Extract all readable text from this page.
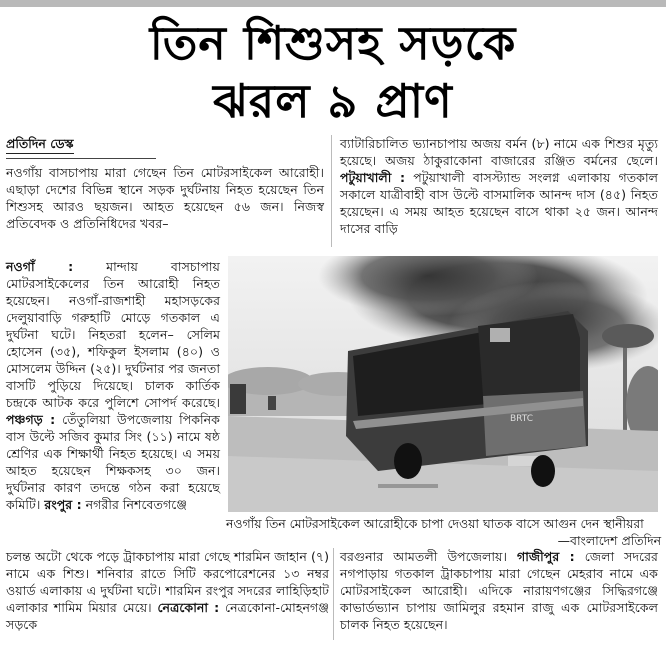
তিন শিশুসহ সড়কে
ঝরল ৯ প্রাণ
প্রতিদিন ডেস্ক

নওগাঁয় বাসচাপায় মারা গেছেন তিন মোটরসাইকেল আরোহী। এছাড়া দেশের বিভিন্ন স্থানে সড়ক দুর্ঘটনায় নিহত হয়েছেন তিন শিশুসহ আরও ছয়জন। আহত হয়েছেন ৫৬ জন। নিজস্ব প্রতিবেদক ও প্রতিনিধিদের খবর–

নওগাঁ :	মান্দায় বাসচাপায় মোটরসাইকেলের তিন আরোহী নিহত হয়েছেন। নওগাঁ-রাজশাহী মহাসড়কের দেলুয়াবাড়ি গরুহাটি মোড়ে গতকাল এ দুর্ঘটনা ঘটে। নিহতরা হলেন– সেলিম হোসেন (৩৫), শফিকুল ইসলাম (৪০) ও মোসলেম উদ্দিন (২৫)। দুর্ঘটনার পর জনতা বাসটি পুড়িয়ে দিয়েছে। চালক কার্তিক চন্দ্রকে আটক করে পুলিশে সোপর্দ করেছে। পঞ্চগড় : তেঁতুলিয়া উপজেলায় পিকনিক বাস উল্টে সজিব কুমার সিং (১১) নামে ষষ্ঠ শ্রেণির এক শিক্ষার্থী নিহত হয়েছে। এ সময় আহত হয়েছেন শিক্ষকসহ ৩০ জন। দুর্ঘটনার কারণ তদন্তে গঠন করা হয়েছে কমিটি। রংপুর : নগরীর নিশবেতগঞ্জে

ব্যাটারিচালিত ভ্যানচাপায় অজয় বর্মন (৮) নামে এক শিশুর মৃত্যু হয়েছে। অজয় ঠাকুরাকোনা বাজারের রঞ্জিত বর্মনের ছেলে। পটুয়াখালী : পটুয়াখালী বাসস্ট্যান্ড সংলগ্ন এলাকায় গতকাল সকালে যাত্রীবাহী বাস উল্টে বাসমালিক আনন্দ দাস (৪৫) নিহত হয়েছেন। এ সময় আহত হয়েছেন বাসে থাকা ২৫ জন। আনন্দ দাসের বাড়ি

BRTC
নওগাঁয় তিন মোটরসাইকেল আরোহীকে চাপা দেওয়া ঘাতক বাসে আগুন দেন স্থানীয়রা
—বাংলাদেশ প্রতিদিন

চলন্ত অটো থেকে পড়ে ট্রাকচাপায় মারা গেছে শারমিন জাহান (৭) নামে এক শিশু। শনিবার রাতে সিটি করপোরেশনের ১৩ নম্বর ওয়ার্ড এলাকায় এ দুর্ঘটনা ঘটে। শারমিন রংপুর সদরের লাহিড়িহাট এলাকার শামিম মিয়ার মেয়ে। নেত্রকোনা : নেত্রকোনা-মোহনগঞ্জ সড়কে

বরগুনার আমতলী উপজেলায়। গাজীপুর : জেলা সদরের নগপাড়ায় গতকাল ট্রাকচাপায় মারা গেছেন মেহরাব নামে এক মোটরসাইকেল আরোহী। এদিকে নারায়ণগঞ্জের সিদ্ধিরগঞ্জে কাভার্ডভ্যান চাপায় জামিলুর রহমান রাজু এক মোটরসাইকেল চালক নিহত হয়েছেন।
